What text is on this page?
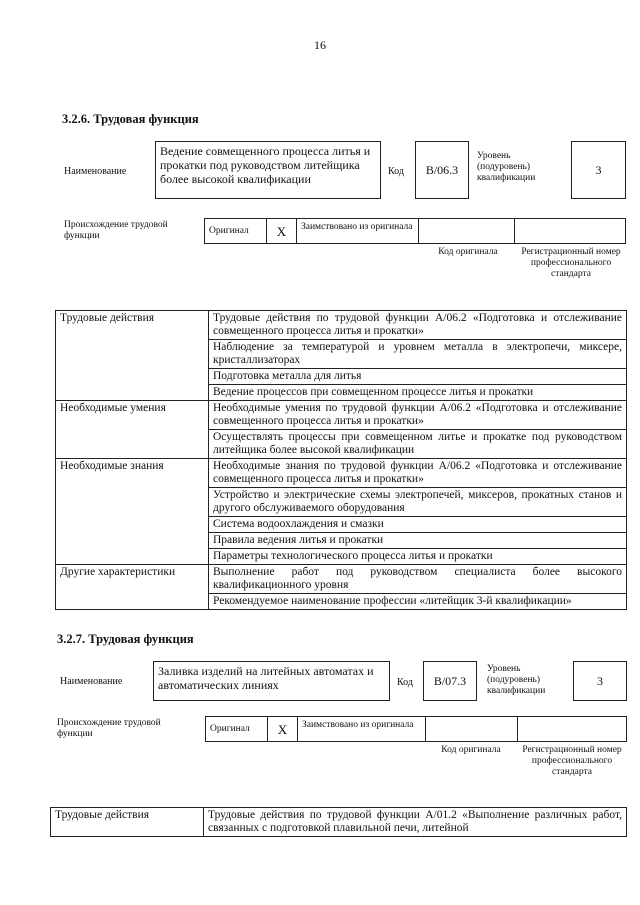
16
3.2.6. Трудовая функция
Наименование
Ведение совмещенного процесса литья и прокатки под руководством литейщика более высокой квалификации
Код	B/06.3
Уровень (подуровень) квалификации
3
Происхождение трудовой функции
Оригинал	X	Заимствовано из оригинала
Код оригинала	Регистрационный номер профессионального стандарта
Трудовые действия	Трудовые действия по трудовой функции A/06.2 «Подготовка и отслеживание совмещенного процесса литья и прокатки»
	Наблюдение за температурой и уровнем металла в электропечи, миксере, кристаллизаторах
	Подготовка металла для литья
	Ведение процессов при совмещенном процессе литья и прокатки
Необходимые умения	Необходимые умения по трудовой функции A/06.2 «Подготовка и отслеживание совмещенного процесса литья и прокатки»
	Осуществлять процессы при совмещенном литье и прокатке под руководством литейщика более высокой квалификации
Необходимые знания	Необходимые знания по трудовой функции A/06.2 «Подготовка и отслеживание совмещенного процесса литья и прокатки»
	Устройство и электрические схемы электропечей, миксеров, прокатных станов и другого обслуживаемого оборудования
	Система водоохлаждения и смазки
	Правила ведения литья и прокатки
	Параметры технологического процесса литья и прокатки
Другие характеристики	Выполнение работ под руководством специалиста более высокого квалификационного уровня
	Рекомендуемое наименование профессии «литейщик 3-й квалификации»
3.2.7. Трудовая функция
Наименование
Заливка изделий на литейных автоматах и автоматических линиях	Код	B/07.3
Уровень (подуровень) квалификации
3
Происхождение трудовой функции
Оригинал	X	Заимствовано из оригинала
Код оригинала	Регистрационный номер профессионального стандарта
Трудовые действия	Трудовые действия по трудовой функции A/01.2 «Выполнение различных работ, связанных с подготовкой плавильной печи, литейной
